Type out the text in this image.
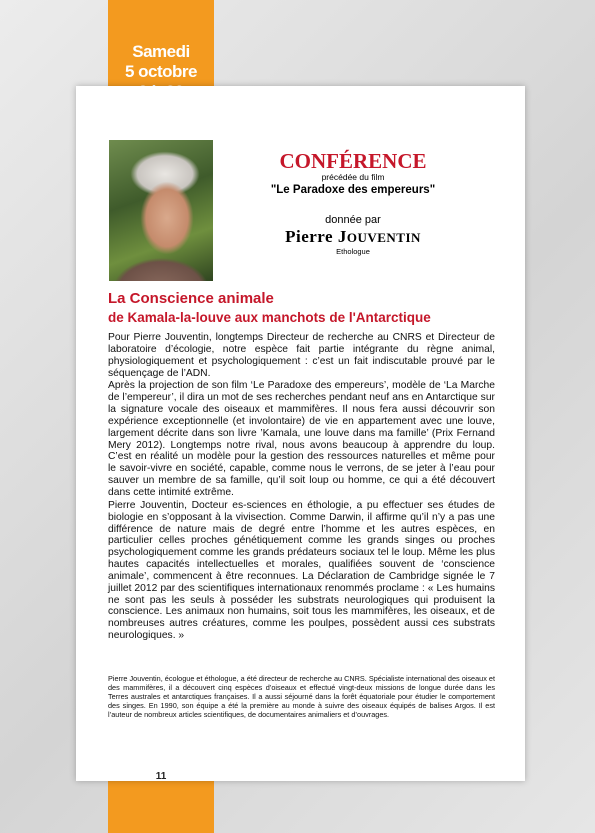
Samedi
5 octobre
CONFÉRENCE
précédée du film
"Le Paradoxe des empereurs"
donnée par
Pierre JOUVENTIN
Ethologue
La Conscience animale
de Kamala-la-louve aux manchots de l'Antarctique

Pour Pierre Jouventin, longtemps Directeur de recherche au CNRS et Directeur de laboratoire d’écologie, notre espèce fait partie intégrante du règne animal, physiologiquement et psychologiquement : c’est un fait indiscutable prouvé par le séquençage de l’ADN.

Après la projection de son film ‘Le Paradoxe des empereurs’, modèle de ‘La Marche de l’empereur’, il dira un mot de ses recherches pendant neuf ans en Antarctique sur la signature vocale des oiseaux et mammifères. Il nous fera aussi découvrir son expérience exceptionnelle (et involontaire) de vie en appartement avec une louve, largement décrite dans son livre ’Kamala, une louve dans ma famille’ (Prix Fernand Mery 2012). Longtemps notre rival, nous avons beaucoup à apprendre du loup. C’est en réalité un modèle pour la gestion des ressources naturelles et même pour le savoir-vivre en société, capable, comme nous le verrons, de se jeter à l’eau pour sauver un membre de sa famille, qu’il soit loup ou homme, ce qui a été découvert dans cette intimité extrême.

Pierre Jouventin, Docteur es-sciences en éthologie, a pu effectuer ses études de biologie en s’opposant à la vivisection. Comme Darwin, il affirme qu’il n’y a pas une différence de nature mais de degré entre l’homme et les autres espèces, en particulier celles proches génétiquement comme les grands singes ou proches psychologiquement comme les grands prédateurs sociaux tel le loup. Même les plus hautes capacités intellectuelles et morales, qualifiées souvent de ‘conscience animale’, commencent à être reconnues. La Déclaration de Cambridge signée le 7 juillet 2012 par des scientifiques internationaux renommés proclame : « Les humains ne sont pas les seuls à posséder les substrats neurologiques qui produisent la conscience. Les animaux non humains, soit tous les mammifères, les oiseaux, et de nombreuses autres créatures, comme les poulpes, possèdent aussi ces substrats neurologiques. »

Pierre Jouventin, écologue et éthologue, a été directeur de recherche au CNRS. Spécialiste international des oiseaux et des mammifères, il a découvert cinq espèces d’oiseaux et effectué vingt-deux missions de longue durée dans les Terres australes et antarctiques françaises. Il a aussi séjourné dans la forêt équatoriale pour étudier le comportement des singes. En 1990, son équipe a été la première au monde à suivre des oiseaux équipés de balises Argos. Il est l’auteur de nombreux articles scientifiques, de documentaires animaliers et d’ouvrages.
11
